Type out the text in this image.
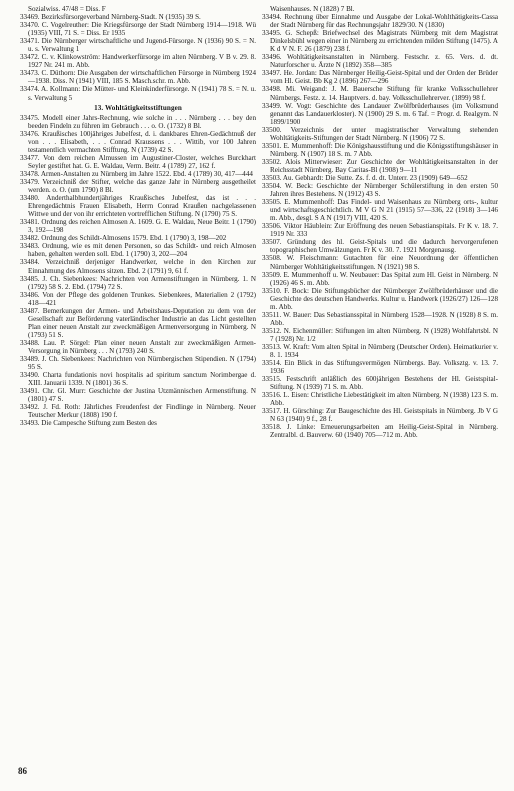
Sozialwiss. 47/48 = Diss. F

33469. Bezirksfürsorgeverband Nürnberg-Stadt. N (1935) 39 S.

33470. C. Vogelreuther: Die Kriegsfürsorge der Stadt Nürnberg 1914—1918. Wü (1935) VIII, 71 S. = Diss. Er 1935

33471. Die Nürnberger wirtschaftliche und Jugend-Fürsorge. N (1936) 90 S. = N. u. s. Verwaltung 1

33472. C. v. Klinkowström: Handwerkerfürsorge im alten Nürnberg. V B v. 29. 8. 1927 Nr. 241 m. Abb.

33473. C. Düthorn: Die Ausgaben der wirtschaftlichen Fürsorge in Nürnberg 1924—1938. Diss. N (1941) VIII, 185 S. Masch.schr. m. Abb.

33474. A. Kollmann: Die Mütter- und Kleinkinderfürsorge. N (1941) 78 S. = N. u. s. Verwaltung 5

13. Wohltätigkeitsstiftungen

33475. Modell einer Jahrs-Rechnung, wie solche in . . . Nürnberg . . . bey den beeden Findeln zu führen im Gebrauch . . . o. O. (1732) 8 Bl.

33476. Kraußisches 100jähriges Jubelfest, d. i. dankbares Ehren-Gedächtnuß der von . . . Elisabeth, . . . Conrad Kraussens . . . Wittib, vor 100 Jahren testamentlich vermachten Stifftung. N (1739) 42 S.

33477. Von dem reichen Almussen im Augustiner-Closter, welches Burckhart Seyler gestiftet hat. G. E. Waldau, Verm. Beitr. 4 (1789) 27, 162 f.

33478. Armen-Anstalten zu Nürnberg im Jahre 1522. Ebd. 4 (1789) 30, 417—444

33479. Verzeichniß der Stifter, welche das ganze Jahr in Nürnberg ausgetheilet werden. o. O. (um 1790) 8 Bl.

33480. Anderthalbhundertjähriges Kraußisches Jubelfest, das ist . . . Ehrengedächtnis Frauen Elisabeth, Herrn Conrad Kraußen nachgelassenen Wittwe und der von ihr errichteten vortrefflichen Stiftung. N (1790) 75 S.

33481. Ordnung des reichen Almosen A. 1609. G. E. Waldau, Neue Beitr. 1 (1790) 3, 192—198

33482. Ordnung des Schildt-Almosens 1579. Ebd. 1 (1790) 3, 198—202

33483. Ordnung, wie es mit denen Personen, so das Schildt- und reich Almosen haben, gehalten werden soll. Ebd. 1 (1790) 3, 202—204

33484. Verzeichniß derjeniger Handwerker, welche in den Kirchen zur Einnahmung des Almosens sitzen. Ebd. 2 (1791) 9, 61 f.

33485. J. Ch. Siebenkees: Nachrichten von Armenstiftungen in Nürnberg. 1. N (1792) 58 S. 2. Ebd. (1794) 72 S.

33486. Von der Pflege des goldenen Trunkes. Siebenkees, Materialien 2 (1792) 418—421

33487. Bemerkungen der Armen- und Arbeitshaus-Deputation zu dem von der Gesellschaft zur Beförderung vaterländischer Industrie an das Licht gestellten Plan einer neuen Anstalt zur zweckmäßigen Armenversorgung in Nürnberg. N (1793) 51 S.

33488. Lau. P. Sörgel: Plan einer neuen Anstalt zur zweckmäßigen Armen-Versorgung in Nürnberg . . . N (1793) 240 S.

33489. J. Ch. Siebenkees: Nachrichten von Nürnbergischen Stipendien. N (1794) 95 S.

33490. Charta fundationis novi hospitalis ad spiritum sanctum Norimbergae d. XIII. Januarii 1339. N (1801) 36 S.

33491. Chr. Gl. Murr: Geschichte der Justina Utzmännischen Armenstiftung. N (1801) 47 S.

33492. J. Fd. Roth: Jährliches Freudenfest der Findlinge in Nürnberg. Neuer Teutscher Merkur (1808) 190 f.

33493. Die Campesche Stiftung zum Besten des

Waisenhauses. N (1828) 7 Bl.

33494. Rechnung über Einnahme und Ausgabe der Lokal-Wohlthätigkeits-Cassa der Stadt Nürnberg für das Rechnungsjahr 1829/30. N (1830)

33495. G. Schepß: Briefwechsel des Magistrats Nürnberg mit dem Magistrat Dinkelsbühl wegen einer in Nürnberg zu errichtenden milden Stiftung (1475). A K d V N. F. 26 (1879) 238 f.

33496. Wohltätigkeitsanstalten in Nürnberg. Festschr. z. 65. Vers. d. dt. Naturforscher u. Ärzte N (1892) 358—385

33497. He. Jordan: Das Nürnberger Heilig-Geist-Spital und der Orden der Brüder vom Hl. Geist. Bb Kg 2 (1896) 267—296

33498. Mi. Weigand: J. M. Bauersche Stiftung für kranke Volksschullehrer Nürnbergs. Festz. z. 14. Hauptvers. d. bay. Volksschullehrerver. (1899) 98 f.

33499. W. Vogt: Geschichte des Landauer Zwölfbrüderhauses (im Volksmund genannt das Landauerkloster). N (1900) 29 S. m. 6 Taf. = Progr. d. Realgym. N 1899/1900

33500. Verzeichnis der unter magistratischer Verwaltung stehenden Wohltätigkeits-Stiftungen der Stadt Nürnberg. N (1906) 72 S.

33501. E. Mummenhoff: Die Königshausstiftung und die Königsstiftungshäuser in Nürnberg. N (1907) 18 S. m. 7 Abb.

33502. Alois Mitterwieser: Zur Geschichte der Wohltätigkeitsanstalten in der Reichsstadt Nürnberg. Bay Caritas-Bl (1908) 9—11

33503. Au. Gebhardt: Die Sutte. Zs. f. d. dt. Unterr. 23 (1909) 649—652

33504. W. Beck: Geschichte der Nürnberger Schülerstiftung in den ersten 50 Jahren ihres Bestehens. N (1912) 43 S.

33505. E. Mummenhoff: Das Findel- und Waisenhaus zu Nürnberg orts-, kultur und wirtschaftsgeschichtlich. M V G N 21 (1915) 57—336, 22 (1918) 3—146 m. Abb., desgl. S A N (1917) VIII, 420 S.

33506. Viktor Häublein: Zur Eröffnung des neuen Sebastianspitals. Fr K v. 18. 7. 1919 Nr. 333

33507. Gründung des hl. Geist-Spitals und die dadurch hervorgerufenen topographischen Umwälzungen. Fr K v. 30. 7. 1921 Morgenausg.

33508. W. Fleischmann: Gutachten für eine Neuordnung der öffentlichen Nürnberger Wohltätigkeitsstiftungen. N (1921) 98 S.

33509. E. Mummenhoff u. W. Neubauer: Das Spital zum Hl. Geist in Nürnberg. N (1926) 46 S. m. Abb.

33510. F. Bock: Die Stiftungsbücher der Nürnberger Zwölfbrüderhäuser und die Geschichte des deutschen Handwerks. Kultur u. Handwerk (1926/27) 126—128 m. Abb.

33511. W. Bauer: Das Sebastiansspital in Nürnberg 1528—1928. N (1928) 8 S. m. Abb.

33512. N. Eichenmüller: Stiftungen im alten Nürnberg. N (1928) Wohlfahrtsbl. N 7 (1928) Nr. 1/2

33513. W. Kraft: Vom alten Spital in Nürnberg (Deutscher Orden). Heimatkurier v. 8. 1. 1934

33514. Ein Blick in das Stiftungsvermögen Nürnbergs. Bay. Volksztg. v. 13. 7. 1936

33515. Festschrift anläßlich des 600jährigen Bestehens der Hl. Geistspital-Stiftung. N (1939) 71 S. m. Abb.

33516. L. Eisen: Christliche Liebestätigkeit im alten Nürnberg. N (1938) 123 S. m. Abb.

33517. H. Gürsching: Zur Baugeschichte des Hl. Geistspitals in Nürnberg. Jb V G N 63 (1940) 9 f., 28 f.

33518. J. Linke: Erneuerungsarbeiten am Heilig-Geist-Spital in Nürnberg. Zentralbl. d. Bauverw. 60 (1940) 705—712 m. Abb.

86
